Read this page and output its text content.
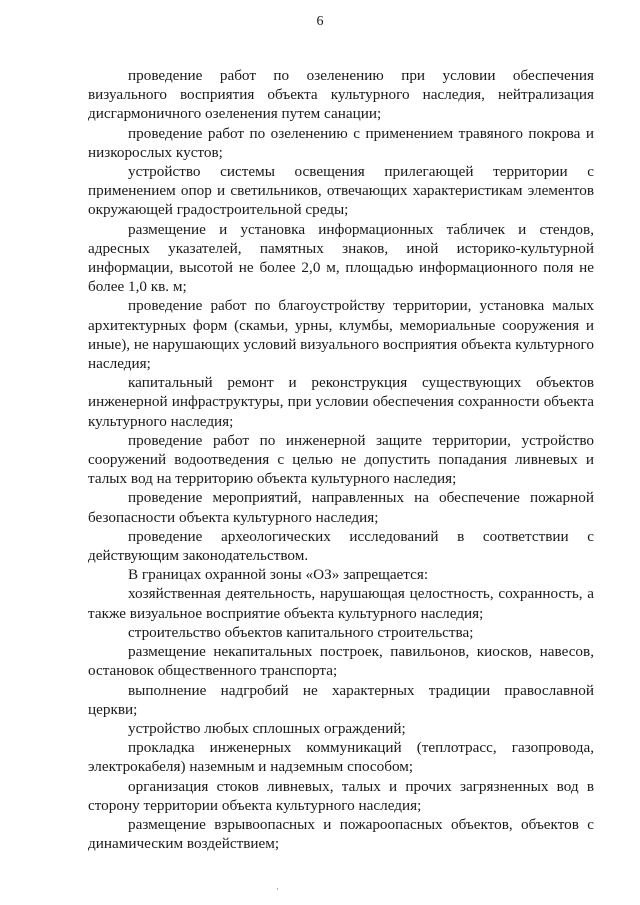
6

проведение работ по озеленению при условии обеспечения визуального восприятия объекта культурного наследия, нейтрализация дисгармоничного озеленения путем санации;

проведение работ по озеленению с применением травяного покрова и низкорослых кустов;

устройство системы освещения прилегающей территории с применением опор и светильников, отвечающих характеристикам элементов окружающей градостроительной среды;

размещение и установка информационных табличек и стендов, адресных указателей, памятных знаков, иной историко-культурной информации, высотой не более 2,0 м, площадью информационного поля не более 1,0 кв. м;

проведение работ по благоустройству территории, установка малых архитектурных форм (скамьи, урны, клумбы, мемориальные сооружения и иные), не нарушающих условий визуального восприятия объекта культурного наследия;

капитальный ремонт и реконструкция существующих объектов инженерной инфраструктуры, при условии обеспечения сохранности объекта культурного наследия;

проведение работ по инженерной защите территории, устройство сооружений водоотведения с целью не допустить попадания ливневых и талых вод на территорию объекта культурного наследия;

проведение мероприятий, направленных на обеспечение пожарной безопасности объекта культурного наследия;

проведение археологических исследований в соответствии с действующим законодательством.

В границах охранной зоны «ОЗ» запрещается:

хозяйственная деятельность, нарушающая целостность, сохранность, а также визуальное восприятие объекта культурного наследия;

строительство объектов капитального строительства;

размещение некапитальных построек, павильонов, киосков, навесов, остановок общественного транспорта;

выполнение надгробий не характерных традиции православной церкви;

устройство любых сплошных ограждений;

прокладка инженерных коммуникаций (теплотрасс, газопровода, электрокабеля) наземным и надземным способом;

организация стоков ливневых, талых и прочих загрязненных вод в сторону территории объекта культурного наследия;

размещение взрывоопасных и пожароопасных объектов, объектов с динамическим воздействием;

·
